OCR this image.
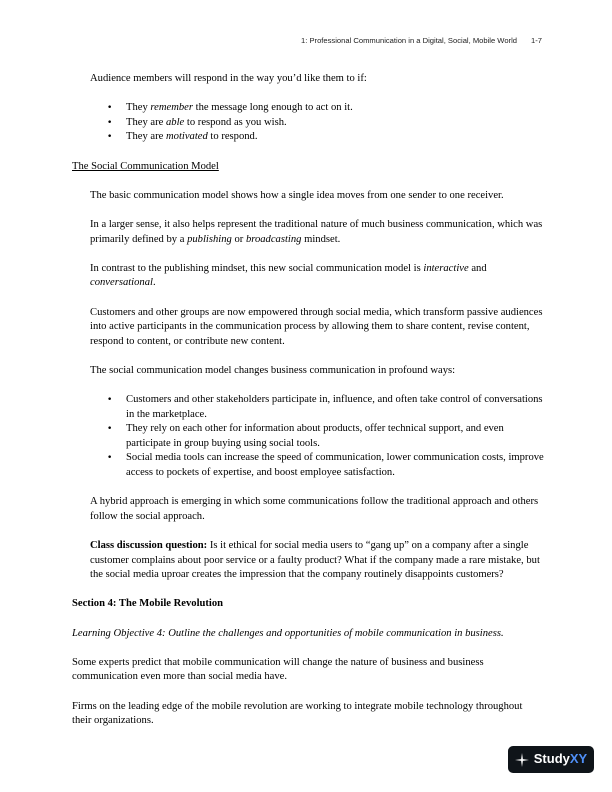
1: Professional Communication in a Digital, Social, Mobile World 1-7

Audience members will respond in the way you’d like them to if:

• They remember the message long enough to act on it.
• They are able to respond as you wish.
• They are motivated to respond.

The Social Communication Model

The basic communication model shows how a single idea moves from one sender to one receiver.

In a larger sense, it also helps represent the traditional nature of much business communication, which was primarily defined by a publishing or broadcasting mindset.

In contrast to the publishing mindset, this new social communication model is interactive and conversational.

Customers and other groups are now empowered through social media, which transform passive audiences into active participants in the communication process by allowing them to share content, revise content, respond to content, or contribute new content.

The social communication model changes business communication in profound ways:

• Customers and other stakeholders participate in, influence, and often take control of conversations in the marketplace.
• They rely on each other for information about products, offer technical support, and even participate in group buying using social tools.
• Social media tools can increase the speed of communication, lower communication costs, improve access to pockets of expertise, and boost employee satisfaction.

A hybrid approach is emerging in which some communications follow the traditional approach and others follow the social approach.

Class discussion question: Is it ethical for social media users to “gang up” on a company after a single customer complains about poor service or a faulty product? What if the company made a rare mistake, but the social media uproar creates the impression that the company routinely disappoints customers?

Section 4: The Mobile Revolution

Learning Objective 4: Outline the challenges and opportunities of mobile communication in business.

Some experts predict that mobile communication will change the nature of business and business communication even more than social media have.

Firms on the leading edge of the mobile revolution are working to integrate mobile technology throughout their organizations.

StudyXY
